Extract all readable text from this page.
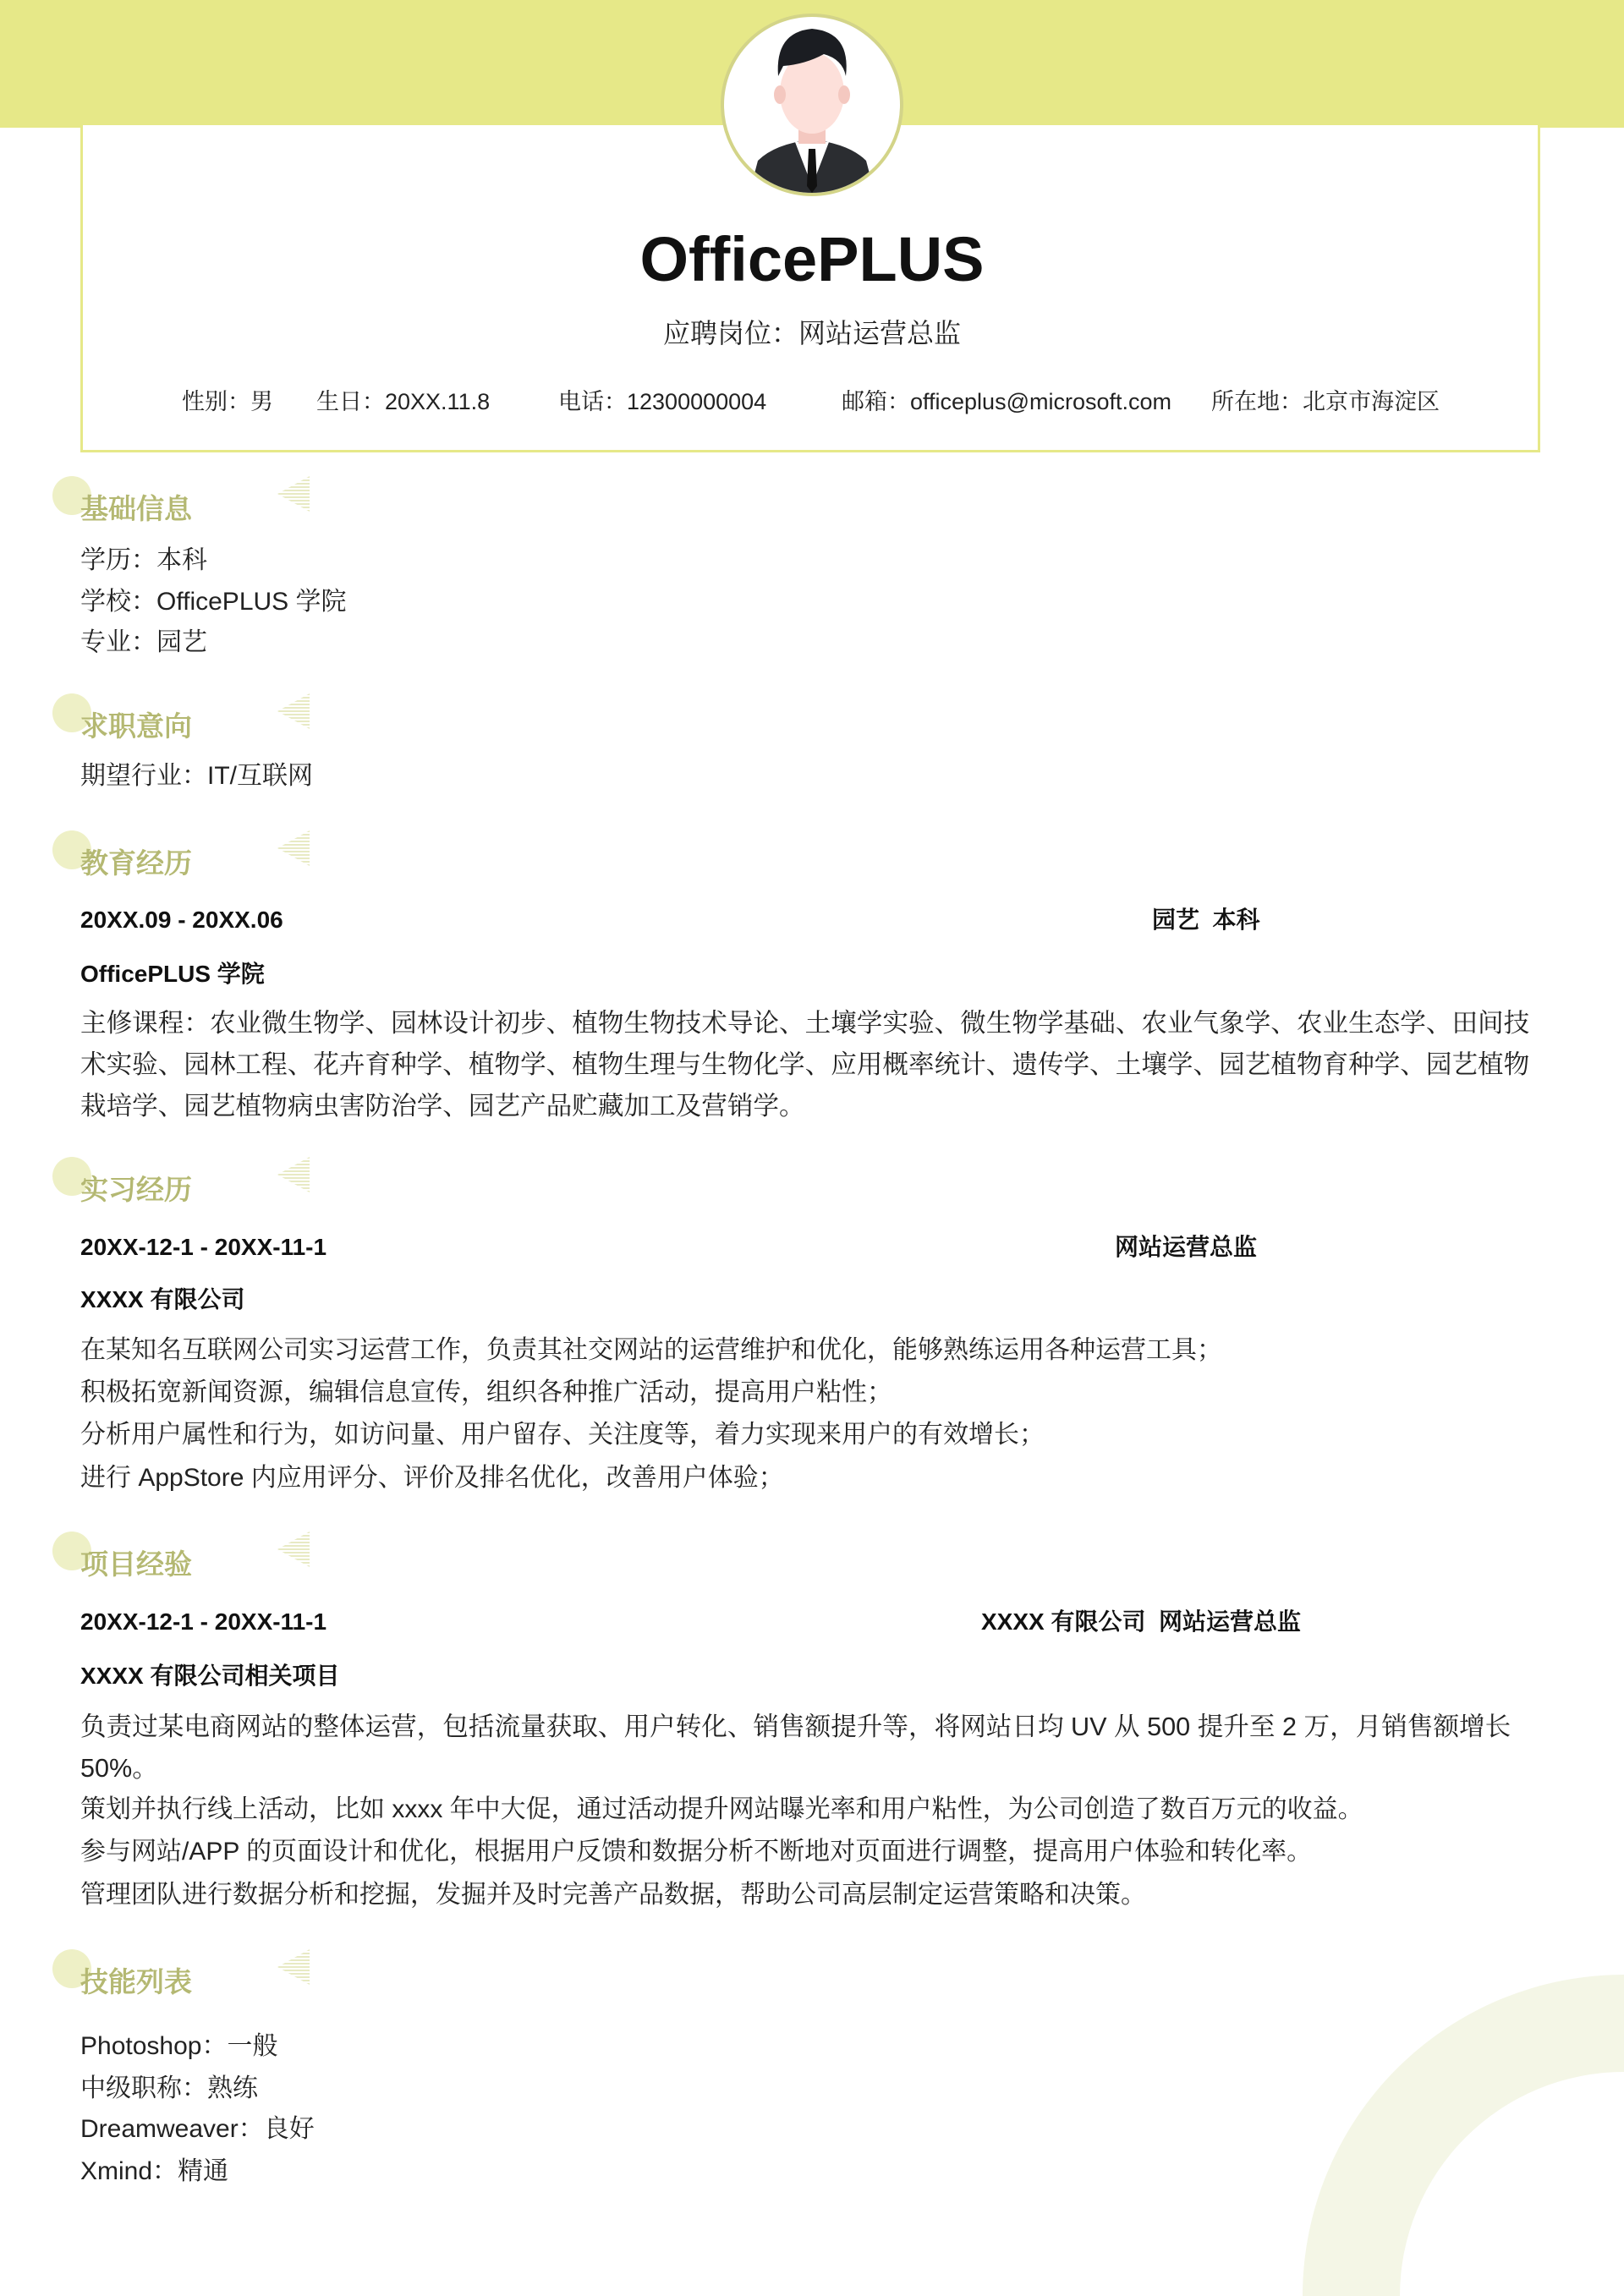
OfficePLUS
应聘岗位：网站运营总监
性别：男 生日：20XX.11.8	电话：12300000004	邮箱：officeplus@microsoft.com 所在地：北京市海淀区
基础信息
学历：本科
学校：OfficePLUS 学院
专业：园艺
求职意向
期望行业：IT/互联网
教育经历
20XX.09 - 20XX.06	园艺  本科
OfficePLUS 学院
主修课程：农业微生物学、园林设计初步、植物生物技术导论、土壤学实验、微生物学基础、农业气象学、农业生态学、田间技术实验、园林工程、花卉育种学、植物学、植物生理与生物化学、应用概率统计、遗传学、土壤学、园艺植物育种学、园艺植物栽培学、园艺植物病虫害防治学、园艺产品贮藏加工及营销学。
实习经历
20XX-12-1 - 20XX-11-1	网站运营总监
XXXX 有限公司
在某知名互联网公司实习运营工作，负责其社交网站的运营维护和优化，能够熟练运用各种运营工具；
积极拓宽新闻资源，编辑信息宣传，组织各种推广活动，提高用户粘性；
分析用户属性和行为，如访问量、用户留存、关注度等，着力实现来用户的有效增长；
进行 AppStore 内应用评分、评价及排名优化，改善用户体验；
项目经验
20XX-12-1 - 20XX-11-1	XXXX 有限公司  网站运营总监
XXXX 有限公司相关项目
负责过某电商网站的整体运营，包括流量获取、用户转化、销售额提升等，将网站日均 UV 从 500 提升至 2 万，月销售额增长 50%。
策划并执行线上活动，比如 xxxx 年中大促，通过活动提升网站曝光率和用户粘性，为公司创造了数百万元的收益。
参与网站/APP 的页面设计和优化，根据用户反馈和数据分析不断地对页面进行调整，提高用户体验和转化率。
管理团队进行数据分析和挖掘，发掘并及时完善产品数据，帮助公司高层制定运营策略和决策。
技能列表
Photoshop：一般
中级职称：熟练
Dreamweaver：良好
Xmind：精通
